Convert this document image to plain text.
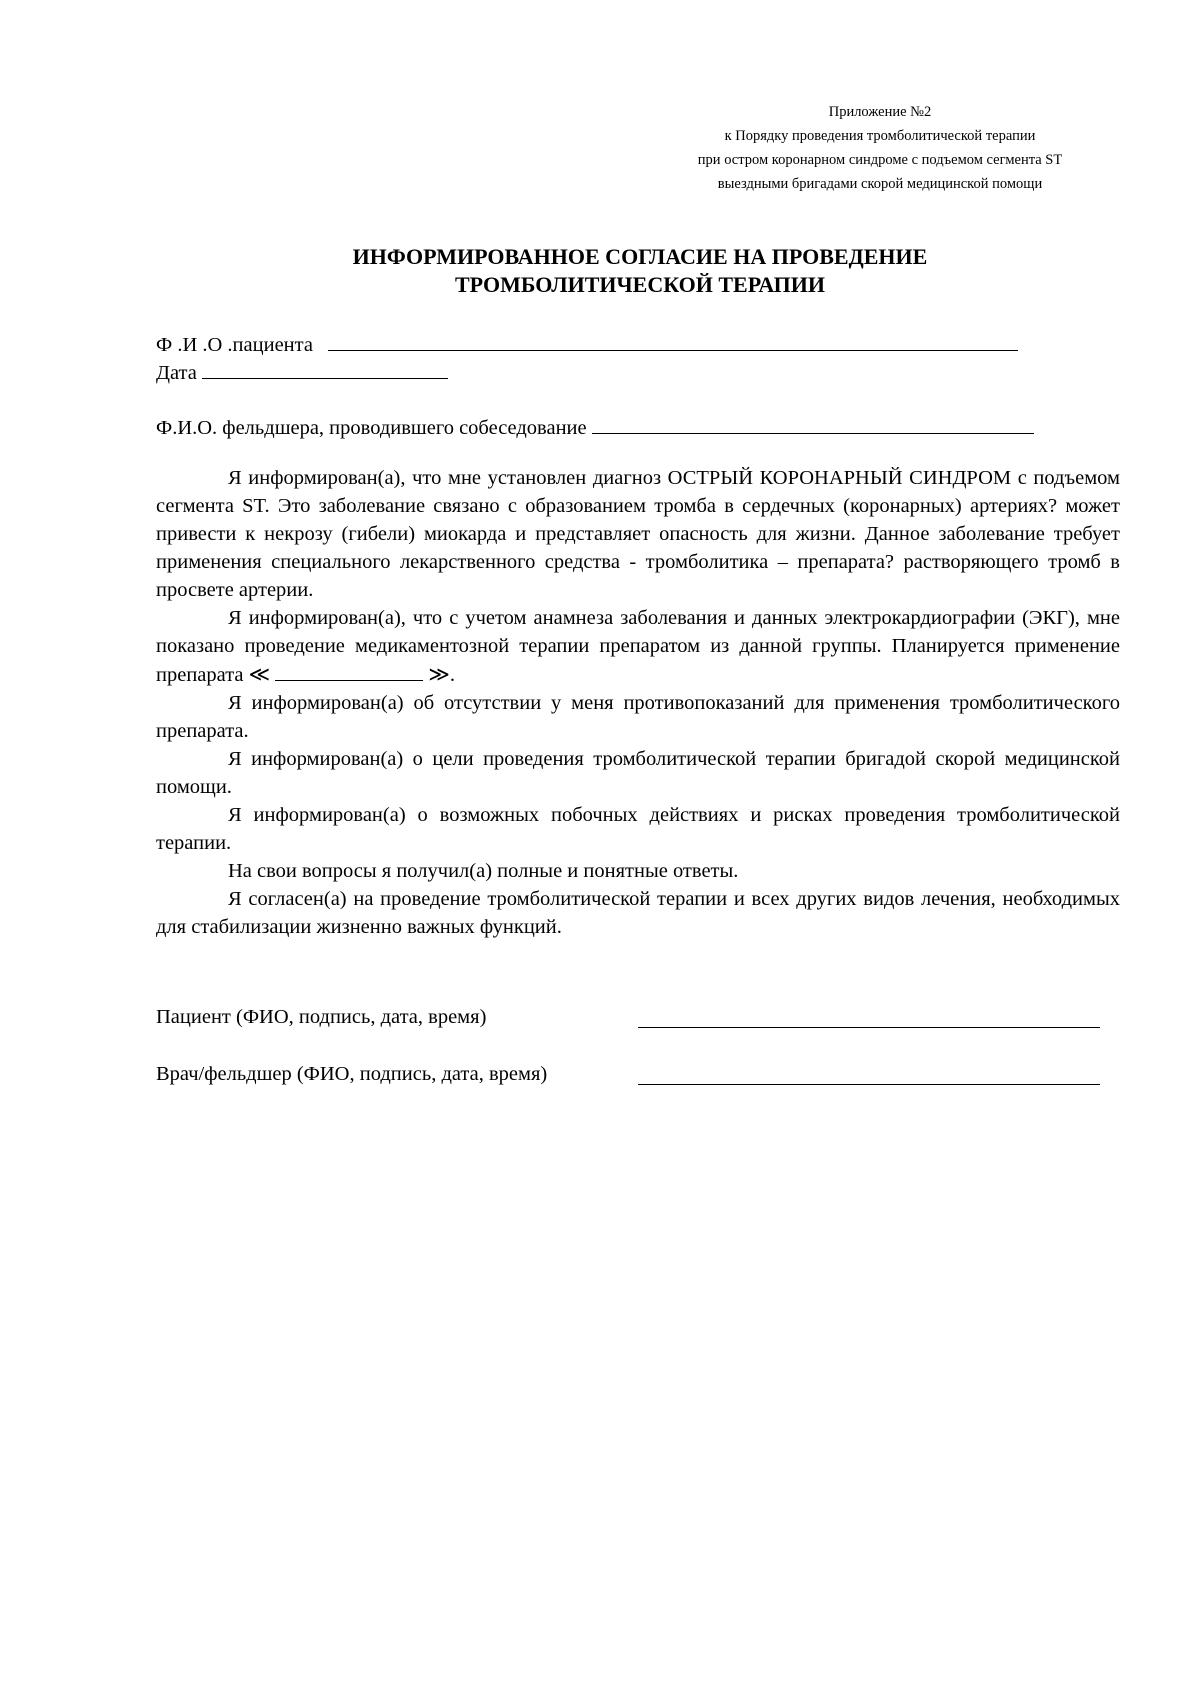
Приложение №2
к Порядку проведения тромболитической терапии
при остром коронарном синдроме с подъемом сегмента ST
выездными бригадами скорой медицинской помощи
ИНФОРМИРОВАННОЕ СОГЛАСИЕ НА ПРОВЕДЕНИЕ
ТРОМБОЛИТИЧЕСКОЙ ТЕРАПИИ
Ф .И .О .пациента
Дата
Ф.И.О. фельдшера, проводившего собеседование

Я информирован(а), что мне установлен диагноз ОСТРЫЙ КОРОНАРНЫЙ СИНДРОМ с подъемом сегмента ST. Это заболевание связано с образованием тромба в сердечных (коронарных) артериях? может привести к некрозу (гибели) миокарда и представляет опасность для жизни. Данное заболевание требует применения специального лекарственного средства - тромболитика – препарата? растворяющего тромб в просвете артерии.

Я информирован(а), что с учетом анамнеза заболевания и данных электрокардиографии (ЭКГ), мне показано проведение медикаментозной терапии препаратом из данной группы. Планируется применение препарата ≪	≫.

Я информирован(а) об отсутствии у меня противопоказаний для применения тромболитического препарата.

Я информирован(а) о цели проведения тромболитической терапии бригадой скорой медицинской помощи.

Я информирован(а) о возможных побочных действиях и рисках проведения тромболитической терапии.

На свои вопросы я получил(а) полные и понятные ответы.

Я согласен(а) на проведение тромболитической терапии и всех других видов лечения, необходимых для стабилизации жизненно важных функций.

Пациент (ФИО, подпись, дата, время)
Врач/фельдшер (ФИО, подпись, дата, время)
